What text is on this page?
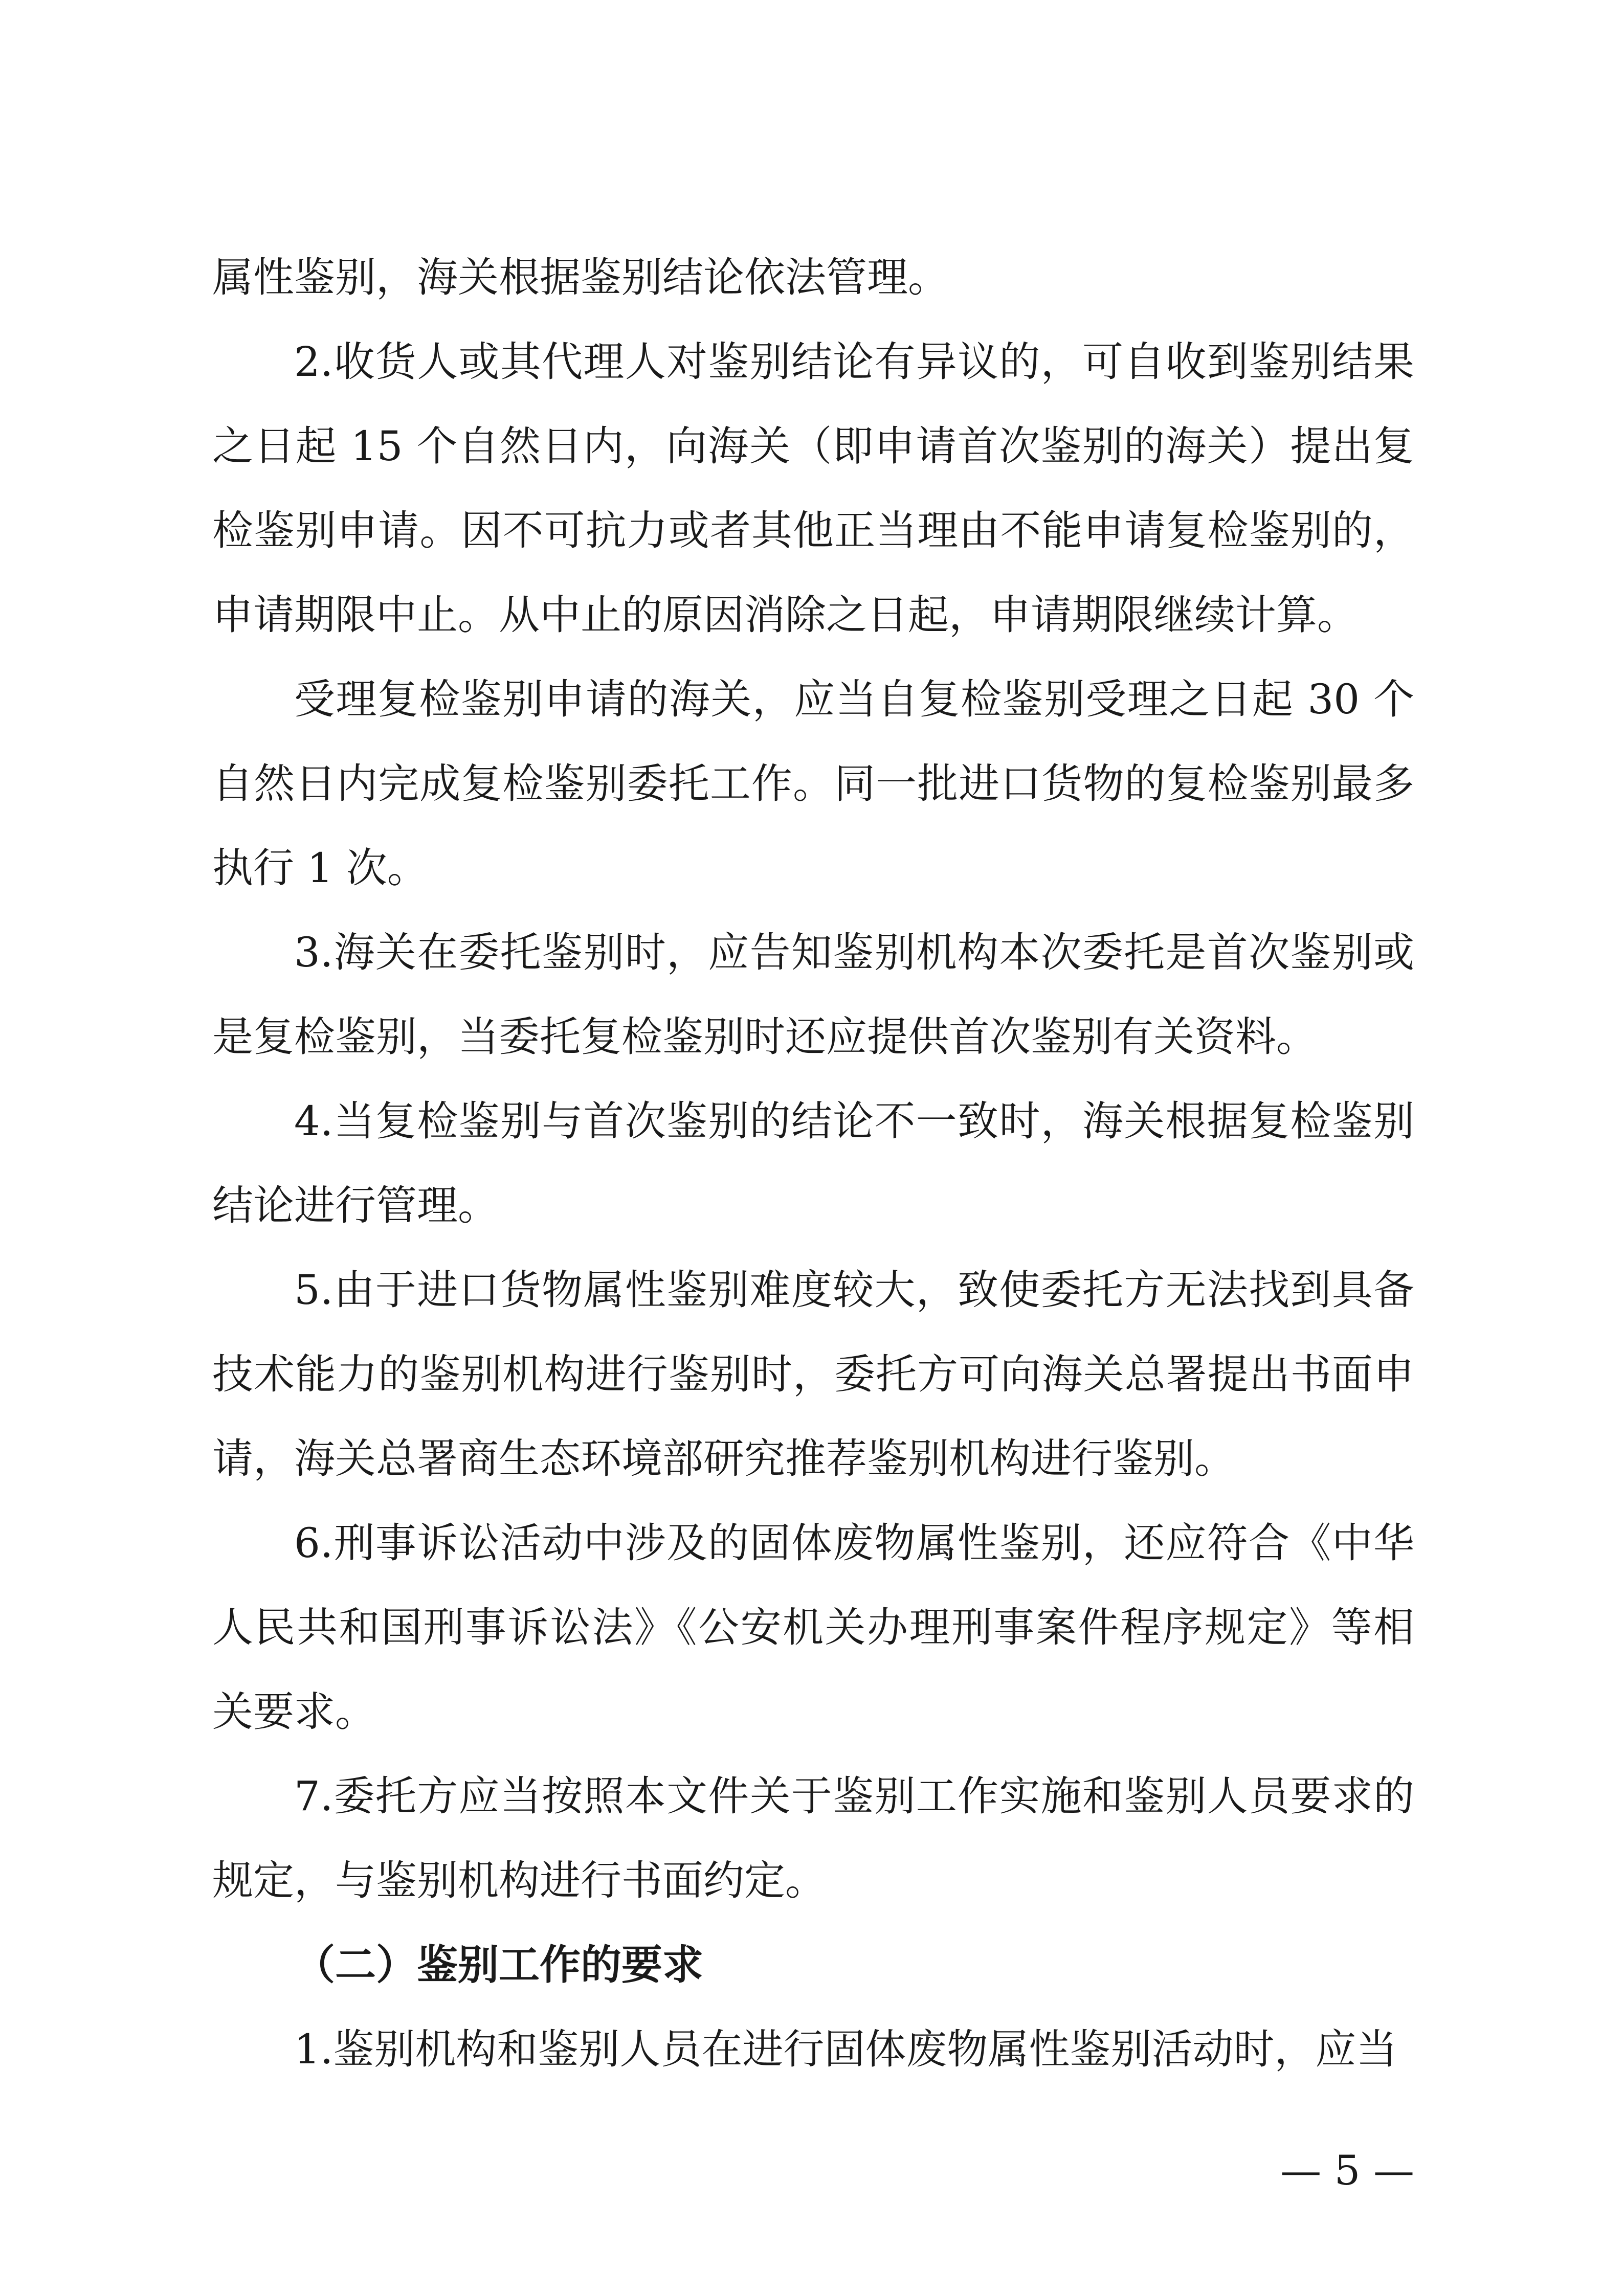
属性鉴别，海关根据鉴别结论依法管理。

2.收货人或其代理人对鉴别结论有异议的，可自收到鉴别结果之日起 15 个自然日内，向海关（即申请首次鉴别的海关）提出复检鉴别申请。因不可抗力或者其他正当理由不能申请复检鉴别的，申请期限中止。从中止的原因消除之日起，申请期限继续计算。

受理复检鉴别申请的海关，应当自复检鉴别受理之日起 30 个自然日内完成复检鉴别委托工作。同一批进口货物的复检鉴别最多执行 1 次。

3.海关在委托鉴别时，应告知鉴别机构本次委托是首次鉴别或是复检鉴别，当委托复检鉴别时还应提供首次鉴别有关资料。

4.当复检鉴别与首次鉴别的结论不一致时，海关根据复检鉴别结论进行管理。

5.由于进口货物属性鉴别难度较大，致使委托方无法找到具备技术能力的鉴别机构进行鉴别时，委托方可向海关总署提出书面申请，海关总署商生态环境部研究推荐鉴别机构进行鉴别。

6.刑事诉讼活动中涉及的固体废物属性鉴别，还应符合《中华人民共和国刑事诉讼法》《公安机关办理刑事案件程序规定》等相关要求。

7.委托方应当按照本文件关于鉴别工作实施和鉴别人员要求的规定，与鉴别机构进行书面约定。

（二）鉴别工作的要求

1.鉴别机构和鉴别人员在进行固体废物属性鉴别活动时，应当

— 5 —
